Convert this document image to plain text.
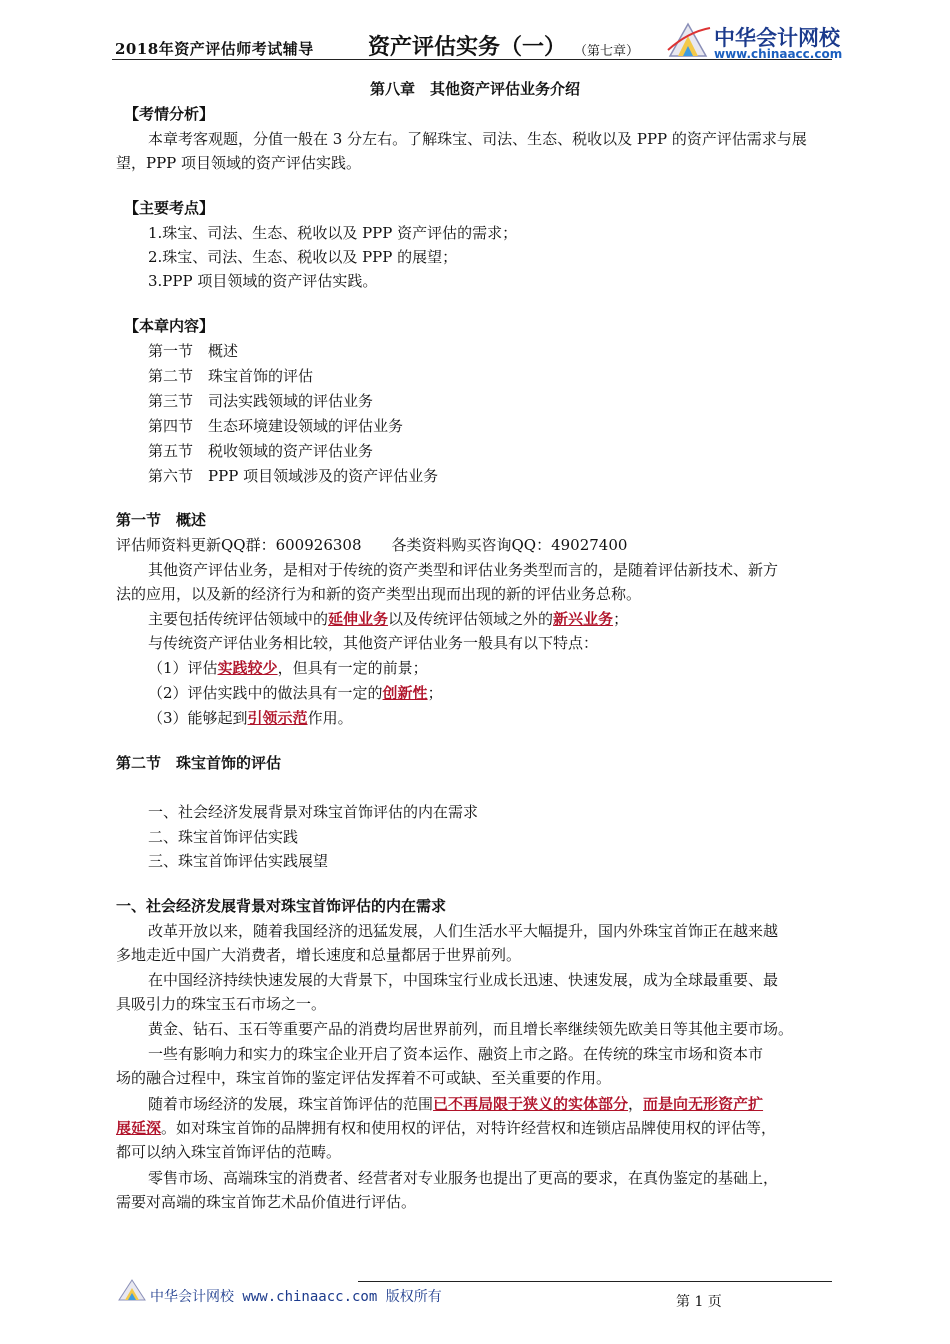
2018年资产评估师考试辅导 资产评估实务（一） （第七章）
中华会计网校
www.chinaacc.com
第八章　其他资产评估业务介绍
【考情分析】
本章考客观题，分值一般在 3 分左右。了解珠宝、司法、生态、税收以及 PPP 的资产评估需求与展
望，PPP 项目领域的资产评估实践。
【主要考点】
1.珠宝、司法、生态、税收以及 PPP 资产评估的需求；
2.珠宝、司法、生态、税收以及 PPP 的展望；
3.PPP 项目领域的资产评估实践。
【本章内容】
第一节　 概述
第二节　 珠宝首饰的评估
第三节　 司法实践领域的评估业务
第四节　 生态环境建设领域的评估业务
第五节　 税收领域的资产评估业务
第六节　 PPP 项目领域涉及的资产评估业务
第一节　概述
评估师资料更新QQ群：600926308　　各类资料购买咨询QQ：49027400
其他资产评估业务，是相对于传统的资产类型和评估业务类型而言的，是随着评估新技术、新方
法的应用，以及新的经济行为和新的资产类型出现而出现的新的评估业务总称。
主要包括传统评估领域中的延伸业务以及传统评估领域之外的新兴业务；
与传统资产评估业务相比较，其他资产评估业务一般具有以下特点：
（1）评估实践较少，但具有一定的前景；
（2）评估实践中的做法具有一定的创新性；
（3）能够起到引领示范作用。
第二节　珠宝首饰的评估
一、社会经济发展背景对珠宝首饰评估的内在需求
二、珠宝首饰评估实践
三、珠宝首饰评估实践展望
一、社会经济发展背景对珠宝首饰评估的内在需求
改革开放以来，随着我国经济的迅猛发展，人们生活水平大幅提升，国内外珠宝首饰正在越来越
多地走近中国广大消费者，增长速度和总量都居于世界前列。
在中国经济持续快速发展的大背景下，中国珠宝行业成长迅速、快速发展，成为全球最重要、最
具吸引力的珠宝玉石市场之一。
黄金、钻石、玉石等重要产品的消费均居世界前列，而且增长率继续领先欧美日等其他主要市场。
一些有影响力和实力的珠宝企业开启了资本运作、融资上市之路。在传统的珠宝市场和资本市
场的融合过程中，珠宝首饰的鉴定评估发挥着不可或缺、至关重要的作用。
随着市场经济的发展，珠宝首饰评估的范围已不再局限于狭义的实体部分，而是向无形资产扩
展延深。如对珠宝首饰的品牌拥有权和使用权的评估，对特许经营权和连锁店品牌使用权的评估等，
都可以纳入珠宝首饰评估的范畴。
零售市场、高端珠宝的消费者、经营者对专业服务也提出了更高的要求，在真伪鉴定的基础上，
需要对高端的珠宝首饰艺术品价值进行评估。
中华会计网校 www.chinaacc.com 版权所有	第 1 页
